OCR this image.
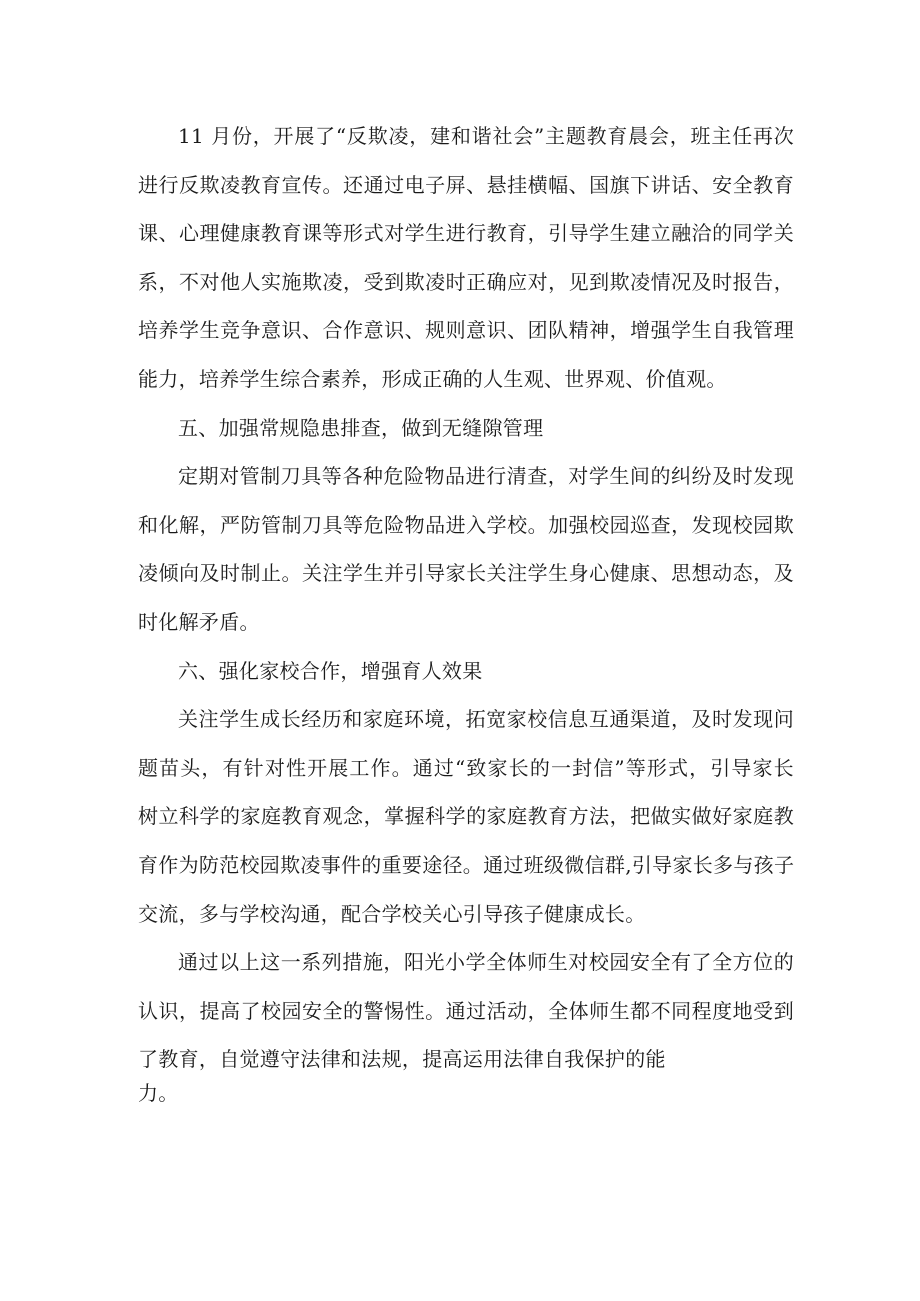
11 月份，开展了“反欺凌，建和谐社会”主题教育晨会，班主任再次

进行反欺凌教育宣传。还通过电子屏、悬挂横幅、国旗下讲话、安全教育

课、心理健康教育课等形式对学生进行教育，引导学生建立融洽的同学关

系，不对他人实施欺凌，受到欺凌时正确应对，见到欺凌情况及时报告，

培养学生竞争意识、合作意识、规则意识、团队精神，增强学生自我管理

能力，培养学生综合素养，形成正确的人生观、世界观、价值观。

五、加强常规隐患排查，做到无缝隙管理

定期对管制刀具等各种危险物品进行清查，对学生间的纠纷及时发现

和化解，严防管制刀具等危险物品进入学校。加强校园巡查，发现校园欺

凌倾向及时制止。关注学生并引导家长关注学生身心健康、思想动态，及

时化解矛盾。

六、强化家校合作，增强育人效果

关注学生成长经历和家庭环境，拓宽家校信息互通渠道，及时发现问

题苗头，有针对性开展工作。通过“致家长的一封信”等形式，引导家长

树立科学的家庭教育观念，掌握科学的家庭教育方法，把做实做好家庭教

育作为防范校园欺凌事件的重要途径。通过班级微信群,引导家长多与孩子

交流，多与学校沟通，配合学校关心引导孩子健康成长。

通过以上这一系列措施，阳光小学全体师生对校园安全有了全方位的

认识，提高了校园安全的警惕性。通过活动，全体师生都不同程度地受到

了教育，自觉遵守法律和法规，提高运用法律自我保护的能

力。
